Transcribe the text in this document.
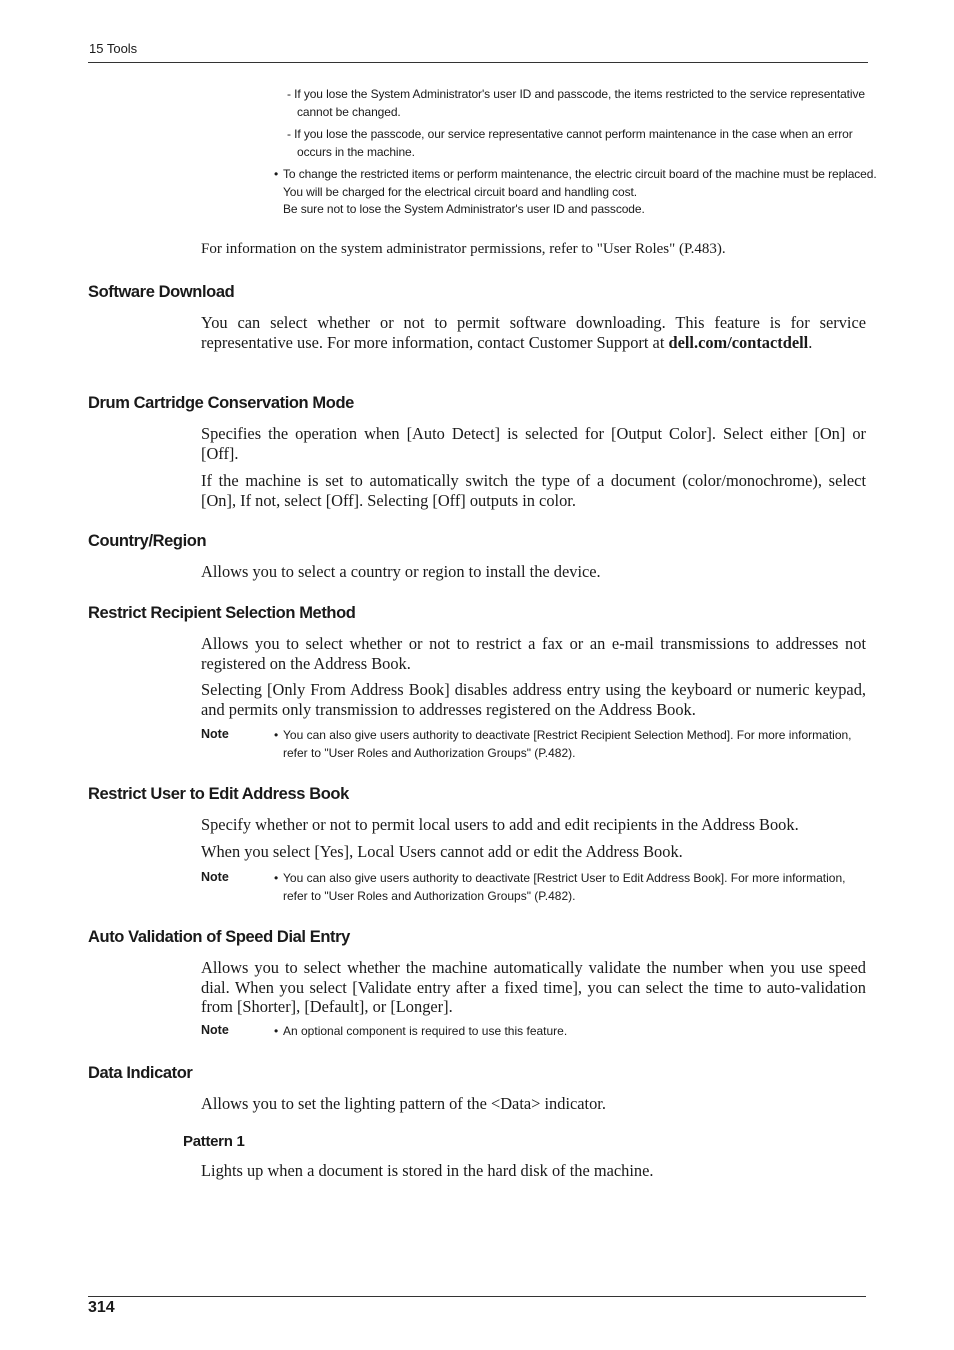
15 Tools
- If you lose the System Administrator's user ID and passcode, the items restricted to the service representative cannot be changed.
- If you lose the passcode, our service representative cannot perform maintenance in the case when an error occurs in the machine.
• To change the restricted items or perform maintenance, the electric circuit board of the machine must be replaced.
You will be charged for the electrical circuit board and handling cost.
Be sure not to lose the System Administrator's user ID and passcode.
For information on the system administrator permissions, refer to "User Roles" (P.483).
Software Download
You can select whether or not to permit software downloading. This feature is for service representative use. For more information, contact Customer Support at dell.com/contactdell.
Drum Cartridge Conservation Mode
Specifies the operation when [Auto Detect] is selected for [Output Color]. Select either [On] or [Off].
If the machine is set to automatically switch the type of a document (color/monochrome), select [On], If not, select [Off]. Selecting [Off] outputs in color.
Country/Region
Allows you to select a country or region to install the device.
Restrict Recipient Selection Method
Allows you to select whether or not to restrict a fax or an e-mail transmissions to addresses not registered on the Address Book.
Selecting [Only From Address Book] disables address entry using the keyboard or numeric keypad, and permits only transmission to addresses registered on the Address Book.
Note	• You can also give users authority to deactivate [Restrict Recipient Selection Method]. For more information, refer to "User Roles and Authorization Groups" (P.482).
Restrict User to Edit Address Book
Specify whether or not to permit local users to add and edit recipients in the Address Book.
When you select [Yes], Local Users cannot add or edit the Address Book.
Note	• You can also give users authority to deactivate [Restrict User to Edit Address Book]. For more information, refer to "User Roles and Authorization Groups" (P.482).
Auto Validation of Speed Dial Entry
Allows you to select whether the machine automatically validate the number when you use speed dial. When you select [Validate entry after a fixed time], you can select the time to auto-validation from [Shorter], [Default], or [Longer].
Note	• An optional component is required to use this feature.
Data Indicator
Allows you to set the lighting pattern of the <Data> indicator.
Pattern 1
Lights up when a document is stored in the hard disk of the machine.
314
